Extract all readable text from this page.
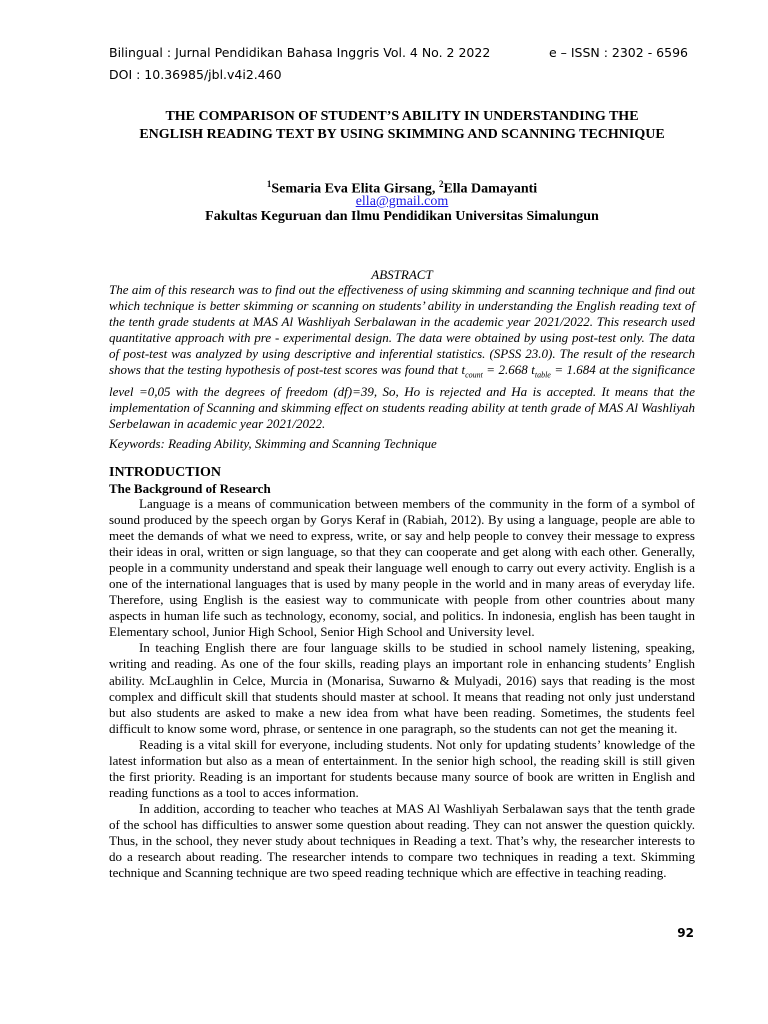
Bilingual : Jurnal Pendidikan Bahasa Inggris Vol. 4 No. 2 2022	e – ISSN : 2302 - 6596
DOI : 10.36985/jbl.v4i2.460
THE COMPARISON OF STUDENT’S ABILITY IN UNDERSTANDING THE
ENGLISH READING TEXT BY USING SKIMMING AND SCANNING TECHNIQUE
$^1$Semaria Eva Elita Girsang, $^2$Ella Damayanti
ella@gmail.com
Fakultas Keguruan dan Ilmu Pendidikan Universitas Simalungun
ABSTRACT

The aim of this research was to find out the effectiveness of using skimming and scanning technique and find out which technique is better skimming or scanning on students’ ability in understanding the English reading text of the tenth grade students at MAS Al Washliyah Serbalawan in the academic year 2021/2022. This research used quantitative approach with pre - experimental design. The data were obtained by using post-test only. The data of post-test was analyzed by using descriptive and inferential statistics. (SPSS 23.0). The result of the research shows that the testing hypothesis of post-test scores was found that $t_{count} = 2.668$ $t_{table} = 1.684$ at the significance level =0,05 with the degrees of freedom (df)=39, So, Ho is rejected and Ha is accepted. It means that the implementation of Scanning and skimming effect on students reading ability at tenth grade of MAS Al Washliyah Serbelawan in academic year 2021/2022.

Keywords: Reading Ability, Skimming and Scanning Technique
INTRODUCTION
The Background of Research

Language is a means of communication between members of the community in the form of a symbol of sound produced by the speech organ by Gorys Keraf in (Rabiah, 2012). By using a language, people are able to meet the demands of what we need to express, write, or say and help people to convey their message to express their ideas in oral, written or sign language, so that they can cooperate and get along with each other. Generally, people in a community understand and speak their language well enough to carry out every activity. English is a one of the international languages that is used by many people in the world and in many areas of everyday life. Therefore, using English is the easiest way to communicate with people from other countries about many aspects in human life such as technology, economy, social, and politics. In indonesia, english has been taught in Elementary school, Junior High School, Senior High School and University level.

In teaching English there are four language skills to be studied in school namely listening, speaking, writing and reading. As one of the four skills, reading plays an important role in enhancing students’ English ability. McLaughlin in Celce, Murcia in (Monarisa, Suwarno & Mulyadi, 2016) says that reading is the most complex and difficult skill that students should master at school. It means that reading not only just understand but also students are asked to make a new idea from what have been reading. Sometimes, the students feel difficult to know some word, phrase, or sentence in one paragraph, so the students can not get the meaning it.

Reading is a vital skill for everyone, including students. Not only for updating students’ knowledge of the latest information but also as a mean of entertainment. In the senior high school, the reading skill is still given the first priority. Reading is an important for students because many source of book are written in English and reading functions as a tool to acces information.

In addition, according to teacher who teaches at MAS Al Washliyah Serbalawan says that the tenth grade of the school has difficulties to answer some question about reading. They can not answer the question quickly. Thus, in the school, they never study about techniques in Reading a text. That’s why, the researcher interests to do a research about reading. The researcher intends to compare two techniques in reading a text. Skimming technique and Scanning technique are two speed reading technique which are effective in teaching reading.

92
